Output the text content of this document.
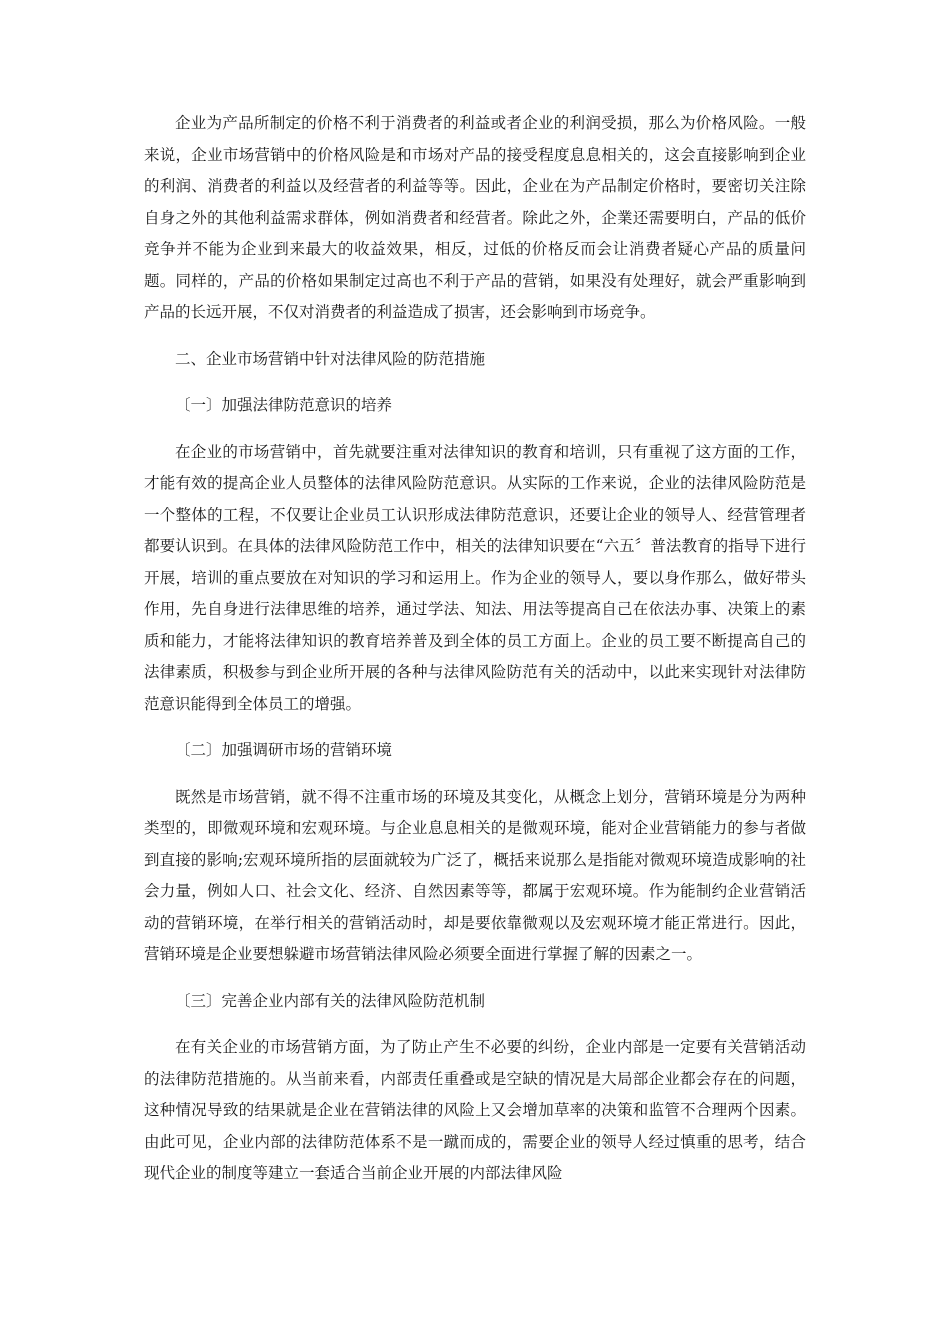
企业为产品所制定的价格不利于消费者的利益或者企业的利润受损，那么为价格风险。一般来说，企业市场营销中的价格风险是和市场对产品的接受程度息息相关的，这会直接影响到企业的利润、消费者的利益以及经营者的利益等等。因此，企业在为产品制定价格时，要密切关注除自身之外的其他利益需求群体，例如消费者和经营者。除此之外，企業还需要明白，产品的低价竞争并不能为企业到来最大的收益效果，相反，过低的价格反而会让消费者疑心产品的质量问题。同样的，产品的价格如果制定过高也不利于产品的营销，如果没有处理好，就会严重影响到产品的长远开展，不仅对消费者的利益造成了损害，还会影响到市场竞争。

二、企业市场营销中针对法律风险的防范措施

〔一〕加强法律防范意识的培养

在企业的市场营销中，首先就要注重对法律知识的教育和培训，只有重视了这方面的工作，才能有效的提高企业人员整体的法律风险防范意识。从实际的工作来说，企业的法律风险防范是一个整体的工程，不仅要让企业员工认识形成法律防范意识，还要让企业的领导人、经营管理者都要认识到。在具体的法律风险防范工作中，相关的法律知识要在“六五〞普法教育的指导下进行开展，培训的重点要放在对知识的学习和运用上。作为企业的领导人，要以身作那么，做好带头作用，先自身进行法律思维的培养，通过学法、知法、用法等提高自己在依法办事、决策上的素质和能力，才能将法律知识的教育培养普及到全体的员工方面上。企业的员工要不断提高自己的法律素质，积极参与到企业所开展的各种与法律风险防范有关的活动中，以此来实现针对法律防范意识能得到全体员工的增强。

〔二〕加强调研市场的营销环境

既然是市场营销，就不得不注重市场的环境及其变化，从概念上划分，营销环境是分为两种类型的，即微观环境和宏观环境。与企业息息相关的是微观环境，能对企业营销能力的参与者做到直接的影响;宏观环境所指的层面就较为广泛了，概括来说那么是指能对微观环境造成影响的社会力量，例如人口、社会文化、经济、自然因素等等，都属于宏观环境。作为能制约企业营销活动的营销环境，在举行相关的营销活动时，却是要依靠微观以及宏观环境才能正常进行。因此，营销环境是企业要想躲避市场营销法律风险必须要全面进行掌握了解的因素之一。

〔三〕完善企业内部有关的法律风险防范机制

在有关企业的市场营销方面，为了防止产生不必要的纠纷，企业内部是一定要有关营销活动的法律防范措施的。从当前来看，内部责任重叠或是空缺的情况是大局部企业都会存在的问题，这种情况导致的结果就是企业在营销法律的风险上又会增加草率的决策和监管不合理两个因素。由此可见，企业内部的法律防范体系不是一蹴而成的，需要企业的领导人经过慎重的思考，结合现代企业的制度等建立一套适合当前企业开展的内部法律风险
